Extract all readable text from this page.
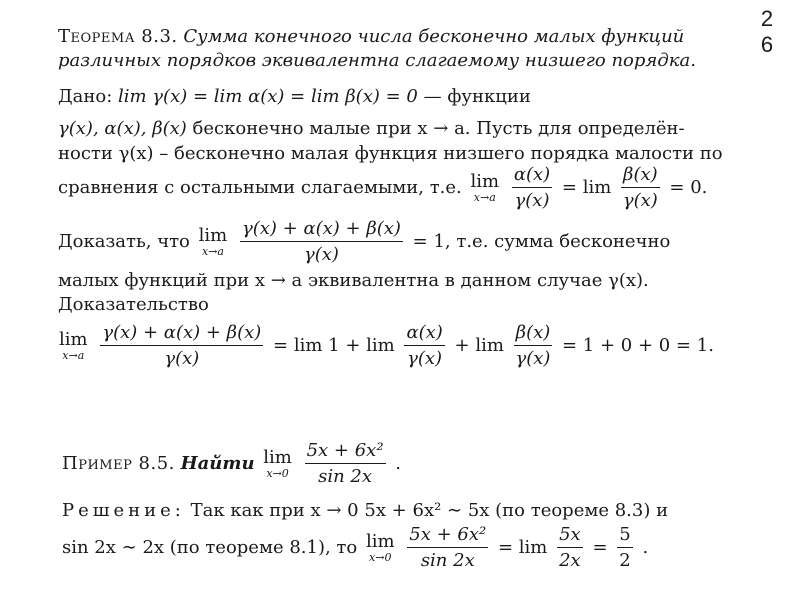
2
6
Теорема 8.3. Сумма конечного числа бесконечно малых функций
различных порядков эквивалентна слагаемому низшего порядка.
Дано: lim γ(x) = lim α(x) = lim β(x) = 0 — функции
γ(x), α(x), β(x) бесконечно малые при x → a. Пусть для определён-
ности γ(x) – бесконечно малая функция низшего порядка малости по
сравнения с остальными слагаемыми, т.е. lim
x→a
$\frac{\alpha(x)}{\gamma(x)} = \lim \frac{\beta(x)}{\gamma(x)} = 0$.
Доказать, что lim
x→a
$\frac{\gamma(x) + \alpha(x) + \beta(x)}{\gamma(x)} = 1$, т.е. сумма бесконечно
малых функций при x → a эквивалентна в данном случае γ(x).
Доказательство
lim
x→a
$\frac{\gamma(x) + \alpha(x) + \beta(x)}{\gamma(x)} = \lim 1 + \lim \frac{\alpha(x)}{\gamma(x)} + \lim \frac{\beta(x)}{\gamma(x)} = 1 + 0 + 0 = 1$.
Пример 8.5. Найти lim
x→0
$\frac{\text{5x + 6x²}}{\sin 2x}$ .
Решение: Так как при x → 0 5x + 6x² ∼ 5x (по теореме 8.3) и
sin 2x ∼ 2x (по теореме 8.1), то lim
x→0
$\frac{\text{5x + 6x²}}{\sin 2x} = \lim \frac{5x}{2x} = \frac{5}{2}$ .
